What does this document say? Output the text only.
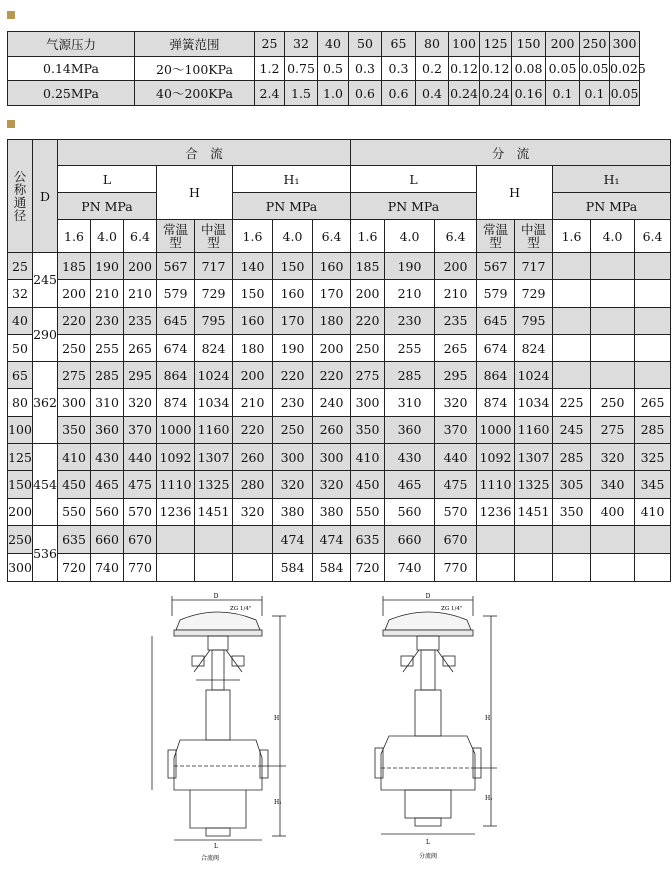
气源压力	弹簧范围	25	32	40	50	65	80	100	125	150	200	250	300
0.14MPa	20～100KPa	1.2	0.75	0.5	0.3	0.3	0.2	0.12	0.12	0.08	0.05	0.05	0.025
0.25MPa	40～200KPa	2.4	1.5	1.0	0.6	0.6	0.4	0.24	0.24	0.16	0.1	0.1	0.05
公称通径	D	合　流								分　流							
		L			H		H₁			L			H		H₁		
		PN MPa					PN MPa			PN MPa					PN MPa		
		1.6	4.0	6.4	常温型	中温型	1.6	4.0	6.4	1.6	4.0	6.4	常温型	中温型	1.6	4.0	6.4
25	245	185	190	200	567	717	140	150	160	185	190	200	567	717			
32		200	210	210	579	729	150	160	170	200	210	210	579	729			
40	290	220	230	235	645	795	160	170	180	220	230	235	645	795			
50		250	255	265	674	824	180	190	200	250	255	265	674	824			
65	362	275	285	295	864	1024	200	220	220	275	285	295	864	1024			
80		300	310	320	874	1034	210	230	240	300	310	320	874	1034	225	250	265
100		350	360	370	1000	1160	220	250	260	350	360	370	1000	1160	245	275	285
125	454	410	430	440	1092	1307	260	300	300	410	430	440	1092	1307	285	320	325
150		450	465	475	1110	1325	280	320	320	450	465	475	1110	1325	305	340	345
200		550	560	570	1236	1451	320	380	380	550	560	570	1236	1451	350	400	410
250	536	635	660	670				474	474	635	660	670					
300		720	740	770				584	584	720	740	770					
D
ZG 1/4"
H
H₁
L
合流阀
D
ZG 1/4"
H
H₁
L
分流阀
